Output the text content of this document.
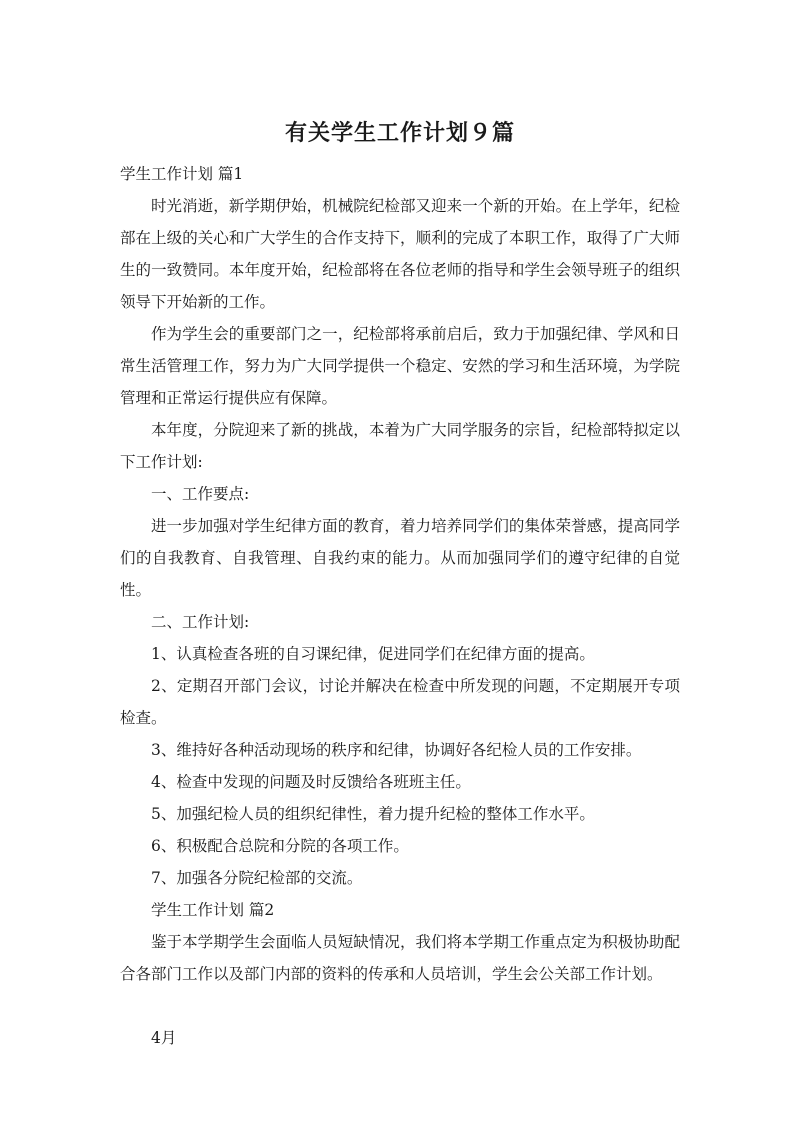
有关学生工作计划９篇

学生工作计划 篇1

时光消逝，新学期伊始，机械院纪检部又迎来一个新的开始。在上学年，纪检部在上级的关心和广大学生的合作支持下，顺利的完成了本职工作，取得了广大师生的一致赞同。本年度开始，纪检部将在各位老师的指导和学生会领导班子的组织领导下开始新的工作。

作为学生会的重要部门之一，纪检部将承前启后，致力于加强纪律、学风和日常生活管理工作，努力为广大同学提供一个稳定、安然的学习和生活环境，为学院管理和正常运行提供应有保障。

本年度，分院迎来了新的挑战，本着为广大同学服务的宗旨，纪检部特拟定以下工作计划:

一、工作要点:

进一步加强对学生纪律方面的教育，着力培养同学们的集体荣誉感，提高同学们的自我教育、自我管理、自我约束的能力。从而加强同学们的遵守纪律的自觉性。

二、工作计划:

1、认真检查各班的自习课纪律，促进同学们在纪律方面的提高。

2、定期召开部门会议，讨论并解决在检查中所发现的问题，不定期展开专项检查。

3、维持好各种活动现场的秩序和纪律，协调好各纪检人员的工作安排。

4、检查中发现的问题及时反馈给各班班主任。

5、加强纪检人员的组织纪律性，着力提升纪检的整体工作水平。

6、积极配合总院和分院的各项工作。

7、加强各分院纪检部的交流。

学生工作计划 篇2

鉴于本学期学生会面临人员短缺情况，我们将本学期工作重点定为积极协助配合各部门工作以及部门内部的资料的传承和人员培训，学生会公关部工作计划。

4月
